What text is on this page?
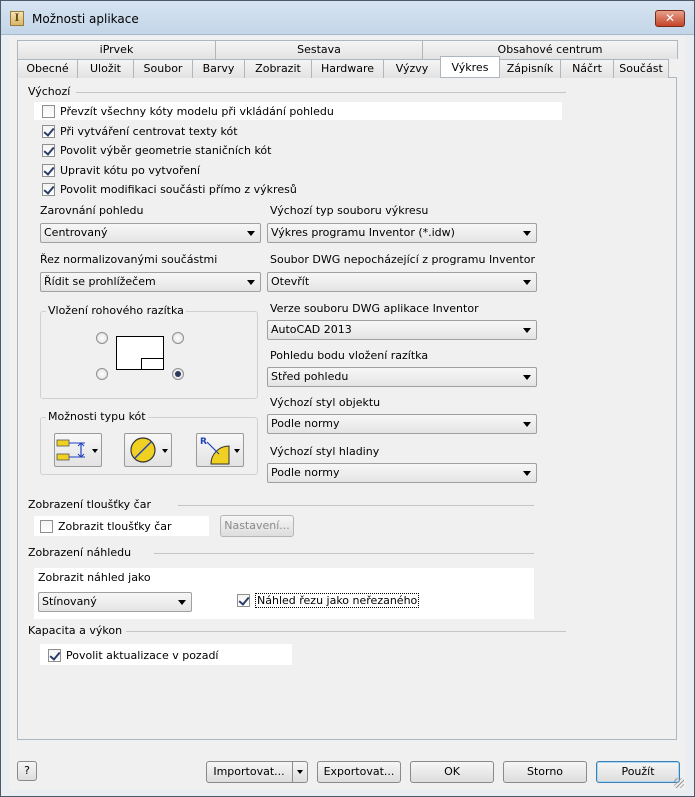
I	Možnosti aplikace	✕
iPrvek	Sestava	Obsahové centrum
Obecné	Uložit	Soubor	Barvy	Zobrazit	Hardware	Výzvy	Výkres	Zápisník	Náčrt	Součást
Výchozí
Převzít všechny kóty modelu při vkládání pohledu
Při vytváření centrovat texty kót
Povolit výběr geometrie staničních kót
Upravit kótu po vytvoření
Povolit modifikaci součásti přímo z výkresů
Zarovnání pohledu
Centrovaný
Řez normalizovanými součástmi
Řídit se prohlížečem
Výchozí typ souboru výkresu
Výkres programu Inventor (*.idw)
Soubor DWG nepocházející z programu Inventor
Otevřít
Verze souboru DWG aplikace Inventor
AutoCAD 2013
Pohledu bodu vložení razítka
Střed pohledu
Výchozí styl objektu
Podle normy
Výchozí styl hladiny
Podle normy
Vložení rohového razítka
Možnosti typu kót
R
Zobrazení tloušťky čar
Zobrazit tloušťky čar	Nastavení...
Zobrazení náhledu
Zobrazit náhled jako
Stínovaný	Náhled řezu jako neřezaného
Kapacita a výkon
Povolit aktualizace v pozadí
?	Importovat...	Exportovat...	OK	Storno	Použít
